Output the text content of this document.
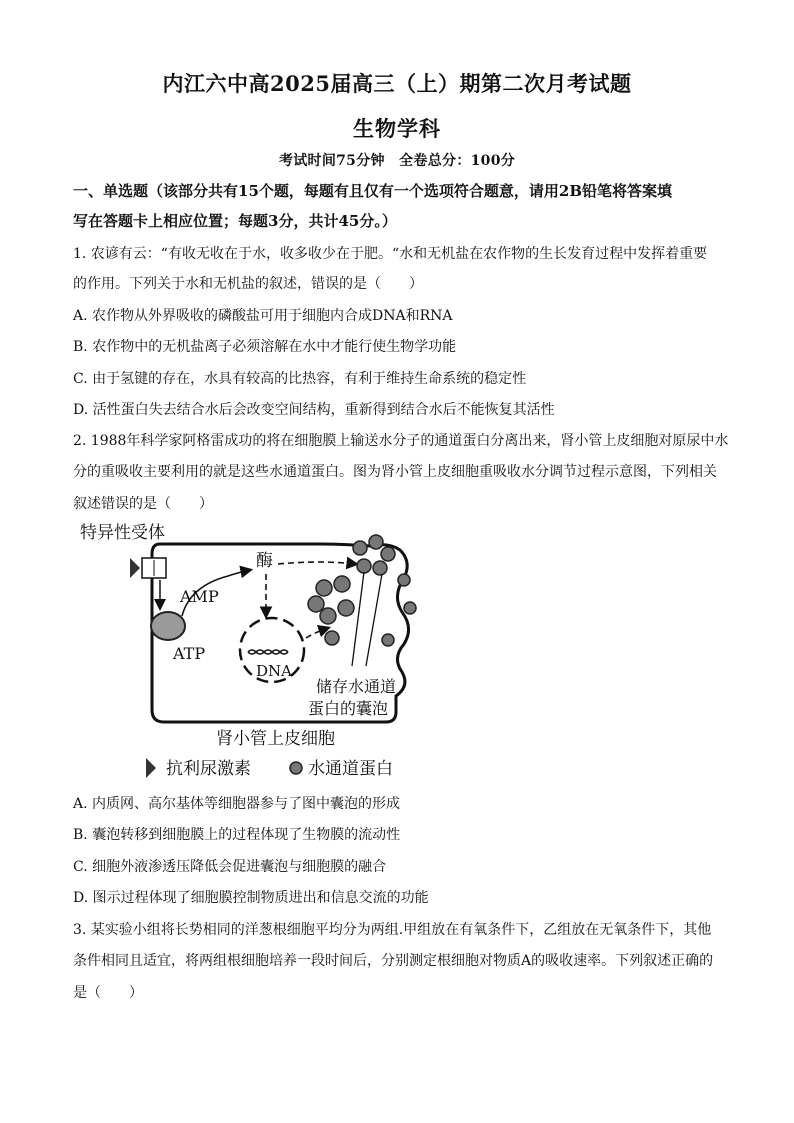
内江六中高2025届高三（上）期第二次月考试题
生物学科
考试时间75分钟　全卷总分：100分
一、单选题（该部分共有15个题，每题有且仅有一个选项符合题意，请用2B铅笔将答案填
写在答题卡上相应位置；每题3分，共计45分。）
1. 农谚有云：“有收无收在于水，收多收少在于肥。“水和无机盐在农作物的生长发育过程中发挥着重要
的作用。下列关于水和无机盐的叙述，错误的是（　　）
A. 农作物从外界吸收的磷酸盐可用于细胞内合成DNA和RNA
B. 农作物中的无机盐离子必须溶解在水中才能行使生物学功能
C. 由于氢键的存在，水具有较高的比热容，有利于维持生命系统的稳定性
D. 活性蛋白失去结合水后会改变空间结构，重新得到结合水后不能恢复其活性
2. 1988年科学家阿格雷成功的将在细胞膜上输送水分子的通道蛋白分离出来，肾小管上皮细胞对原尿中水
分的重吸收主要利用的就是这些水通道蛋白。图为肾小管上皮细胞重吸收水分调节过程示意图，下列相关
叙述错误的是（　　）
特异性受体
AMP
ATP
酶
DNA
储存水通道
蛋白的囊泡
肾小管上皮细胞
抗利尿激素	水通道蛋白
A. 内质网、高尔基体等细胞器参与了图中囊泡的形成
B. 囊泡转移到细胞膜上的过程体现了生物膜的流动性
C. 细胞外液渗透压降低会促进囊泡与细胞膜的融合
D. 图示过程体现了细胞膜控制物质进出和信息交流的功能
3. 某实验小组将长势相同的洋葱根细胞平均分为两组.甲组放在有氧条件下，乙组放在无氧条件下，其他
条件相同且适宜，将两组根细胞培养一段时间后，分别测定根细胞对物质A的吸收速率。下列叙述正确的
是（　　）
